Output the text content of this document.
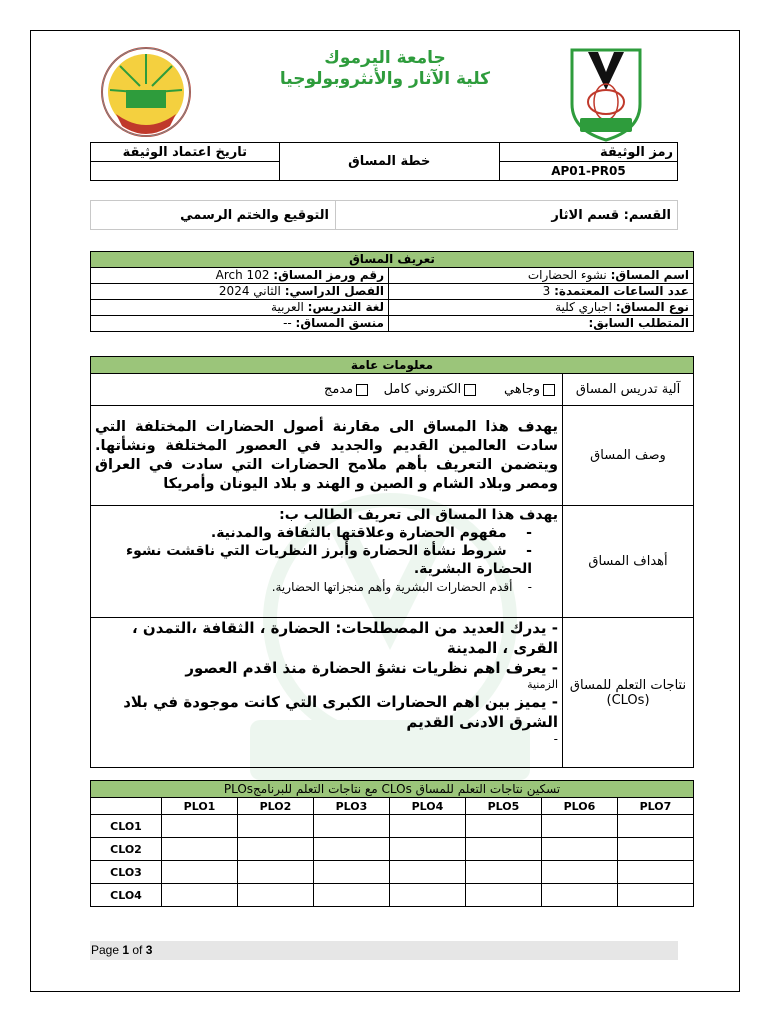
جامعة اليرموك
كلية الآثار والأنثروبولوجيا
رمز الوثيقة	خطة المساق	تاريخ اعتماد الوثيقة
AP01-PR05		
القسم: قسم الاثار
التوقيع والختم الرسمي
تعريف المساق	
اسم المساق: نشوء الحضارات	رقم ورمز المساق: Arch 102
عدد الساعات المعتمدة: 3	الفصل الدراسي: الثاني 2024
نوع المساق: اجباري كلية	لغة التدريس: العربية
المتطلب السابق:	منسق المساق: --
معلومات عامة	
آلية تدريس المساق	وجاهي      الكتروني كامل   مدمج
وصف المساق	يهدف هذا المساق الى مقارنة أصول الحضارات المختلفة التي سادت العالمين القديم والجديد في العصور المختلفة ونشأتها. ويتضمن التعريف بأهم ملامح الحضارات التي سادت في العراق ومصر وبلاد الشام و الصين و الهند و بلاد اليونان وأمريكا
أهداف المساق	يهدف هذا المساق الى تعريف الطالب ب:
-    مفهوم الحضارة وعلاقتها بالثقافة والمدنية.
-    شروط نشأة الحضارة وأبرز النظريات التي ناقشت نشوء الحضارة البشرية.
-    أقدم الحضارات البشرية وأهم منجزاتها الحضارية.

نتاجات التعلم للمساق (CLOs)	- يدرك العديد من المصطلحات: الحضارة ، الثقافة ،التمدن ، القرى ، المدينة
- يعرف اهم نظريات نشؤ الحضارة منذ اقدم العصور
الزمنية
- يميز بين اهم الحضارات الكبرى التي كانت موجودة في بلاد الشرق الادنى القديم
-
تسكين نتاجات التعلم للمساق CLOs مع نتاجات التعلم للبرنامجPLOs							
	PLO1	PLO2	PLO3	PLO4	PLO5	PLO6	PLO7
CLO1							
CLO2							
CLO3							
CLO4							
Page 1 of 3
